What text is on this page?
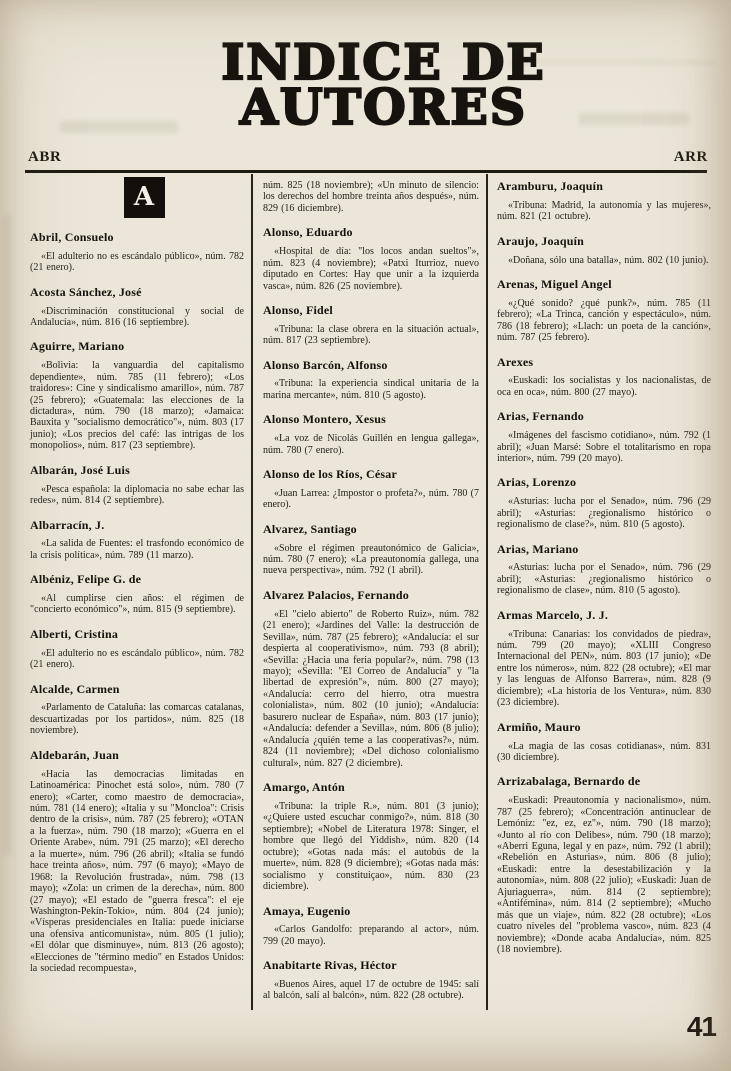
INDICE DE
AUTORES
ABR	ARR
A
Abril, Consuelo

«El adulterio no es escándalo público», núm. 782 (21 enero).

Acosta Sánchez, José

«Discriminación constitucional y social de Andalucía», núm. 816 (16 septiembre).

Aguirre, Mariano

«Bolivia: la vanguardia del capitalismo dependiente», núm. 785 (11 febrero); «Los traidores»: Cine y sindicalismo amarillo», núm. 787 (25 febrero); «Guatemala: las elecciones de la dictadura», núm. 790 (18 marzo); «Jamaica: Bauxita y "socialismo democrático"», núm. 803 (17 junio); «Los precios del café: las intrigas de los monopolios», núm. 817 (23 septiembre).

Albarán, José Luis

«Pesca española: la diplomacia no sabe echar las redes», núm. 814 (2 septiembre).

Albarracín, J.

«La salida de Fuentes: el trasfondo económico de la crisis política», núm. 789 (11 marzo).

Albéniz, Felipe G. de

«Al cumplirse cien años: el régimen de "concierto económico"», núm. 815 (9 septiembre).

Alberti, Cristina

«El adulterio no es escándalo público», núm. 782 (21 enero).

Alcalde, Carmen

«Parlamento de Cataluña: las comarcas catalanas, descuartizadas por los partidos», núm. 825 (18 noviembre).

Aldebarán, Juan

«Hacia las democracias limitadas en Latinoamérica: Pinochet está solo», núm. 780 (7 enero); «Carter, como maestro de democracia», núm. 781 (14 enero); «Italia y su "Moncloa": Crisis dentro de la crisis», núm. 787 (25 febrero); «OTAN a la fuerza», núm. 790 (18 marzo); «Guerra en el Oriente Arabe», núm. 791 (25 marzo); «El derecho a la muerte», núm. 796 (26 abril); «Italia se fundó hace treinta años», núm. 797 (6 mayo); «Mayo de 1968: la Revolución frustrada», núm. 798 (13 mayo); «Zola: un crimen de la derecha», núm. 800 (27 mayo); «El estado de "guerra fresca": el eje Washington-Pekín-Tokio», núm. 804 (24 junio); «Vísperas presidenciales en Italia: puede iniciarse una ofensiva anticomunista», núm. 805 (1 julio); «El dólar que disminuye», núm. 813 (26 agosto); «Elecciones de "término medio" en Estados Unidos: la sociedad recompuesta»,

núm. 825 (18 noviembre); «Un minuto de silencio: los derechos del hombre treinta años después», núm. 829 (16 diciembre).

Alonso, Eduardo

«Hospital de día: "los locos andan sueltos"», núm. 823 (4 noviembre); «Patxi Iturrioz, nuevo diputado en Cortes: Hay que unir a la izquierda vasca», núm. 826 (25 noviembre).

Alonso, Fidel

«Tribuna: la clase obrera en la situación actual», núm. 817 (23 septiembre).

Alonso Barcón, Alfonso

«Tribuna: la experiencia sindical unitaria de la marina mercante», núm. 810 (5 agosto).

Alonso Montero, Xesus

«La voz de Nicolás Guillén en lengua gallega», núm. 780 (7 enero).

Alonso de los Ríos, César

«Juan Larrea: ¿Impostor o profeta?», núm. 780 (7 enero).

Alvarez, Santiago

«Sobre el régimen preautonómico de Galicia», núm. 780 (7 enero); «La preautonomía gallega, una nueva perspectiva», núm. 792 (1 abril).

Alvarez Palacios, Fernando

«El "cielo abierto" de Roberto Ruiz», núm. 782 (21 enero); «Jardines del Valle: la destrucción de Sevilla», núm. 787 (25 febrero); «Andalucía: el sur despierta al cooperativismo», núm. 793 (8 abril); «Sevilla: ¿Hacia una feria popular?», núm. 798 (13 mayo); «Sevilla: "El Correo de Andalucía" y "la libertad de expresión"», núm. 800 (27 mayo); «Andalucía: cerro del hierro, otra muestra colonialista», núm. 802 (10 junio); «Andalucía: basurero nuclear de España», núm. 803 (17 junio); «Andalucía: defender a Sevilla», núm. 806 (8 julio); «Andalucía ¿quién teme a las cooperativas?», núm. 824 (11 noviembre); «Del dichoso colonialismo cultural», núm. 827 (2 diciembre).

Amargo, Antón

«Tribuna: la triple R.», núm. 801 (3 junio); «¿Quiere usted escuchar conmigo?», núm. 818 (30 septiembre); «Nobel de Literatura 1978: Singer, el hombre que llegó del Yiddish», núm. 820 (14 octubre); «Gotas nada más: el autobús de la muerte», núm. 828 (9 diciembre); «Gotas nada más: socialismo y constituiçao», núm. 830 (23 diciembre).

Amaya, Eugenio

«Carlos Gandolfo: preparando al actor», núm. 799 (20 mayo).

Anabitarte Rivas, Héctor

«Buenos Aires, aquel 17 de octubre de 1945: salí al balcón, salí al balcón», núm. 822 (28 octubre).

Aramburu, Joaquín

«Tribuna: Madrid, la autonomía y las mujeres», núm. 821 (21 octubre).

Araujo, Joaquín

«Doñana, sólo una batalla», núm. 802 (10 junio).

Arenas, Miguel Angel

«¿Qué sonido? ¿qué punk?», núm. 785 (11 febrero); «La Trinca, canción y espectáculo», núm. 786 (18 febrero); «Llach: un poeta de la canción», núm. 787 (25 febrero).

Arexes

«Euskadi: los socialistas y los nacionalistas, de oca en oca», núm. 800 (27 mayo).

Arias, Fernando

«Imágenes del fascismo cotidiano», núm. 792 (1 abril); «Juan Marsé: Sobre el totalitarismo en ropa interior», núm. 799 (20 mayo).

Arias, Lorenzo

«Asturias: lucha por el Senado», núm. 796 (29 abril); «Asturias: ¿regionalismo histórico o regionalismo de clase?», núm. 810 (5 agosto).

Arias, Mariano

«Asturias: lucha por el Senado», núm. 796 (29 abril); «Asturias: ¿regionalismo histórico o regionalismo de clase», núm. 810 (5 agosto).

Armas Marcelo, J. J.

«Tribuna: Canarias: los convidados de piedra», núm. 799 (20 mayo); «XLIII Congreso Internacional del PEN», núm. 803 (17 junio); «De entre los números», núm. 822 (28 octubre); «El mar y las lenguas de Alfonso Barrera», núm. 828 (9 diciembre); «La historia de los Ventura», núm. 830 (23 diciembre).

Armiño, Mauro

«La magia de las cosas cotidianas», núm. 831 (30 diciembre).

Arrizabalaga, Bernardo de

«Euskadi: Preautonomía y nacionalismo», núm. 787 (25 febrero); «Concentración antinuclear de Lemóniz: "ez, ez, ez"», núm. 790 (18 marzo); «Junto al río con Delibes», núm. 790 (18 marzo); «Aberri Eguna, legal y en paz», núm. 792 (1 abril); «Rebelión en Asturias», núm. 806 (8 julio); «Euskadi: entre la desestabilización y la autonomía», núm. 808 (22 julio); «Euskadi: Juan de Ajuriaguerra», núm. 814 (2 septiembre); «Antifémina», núm. 814 (2 septiembre); «Mucho más que un viaje», núm. 822 (28 octubre); «Los cuatro niveles del "problema vasco», núm. 823 (4 noviembre); «Donde acaba Andalucía», núm. 825 (18 noviembre).

41
